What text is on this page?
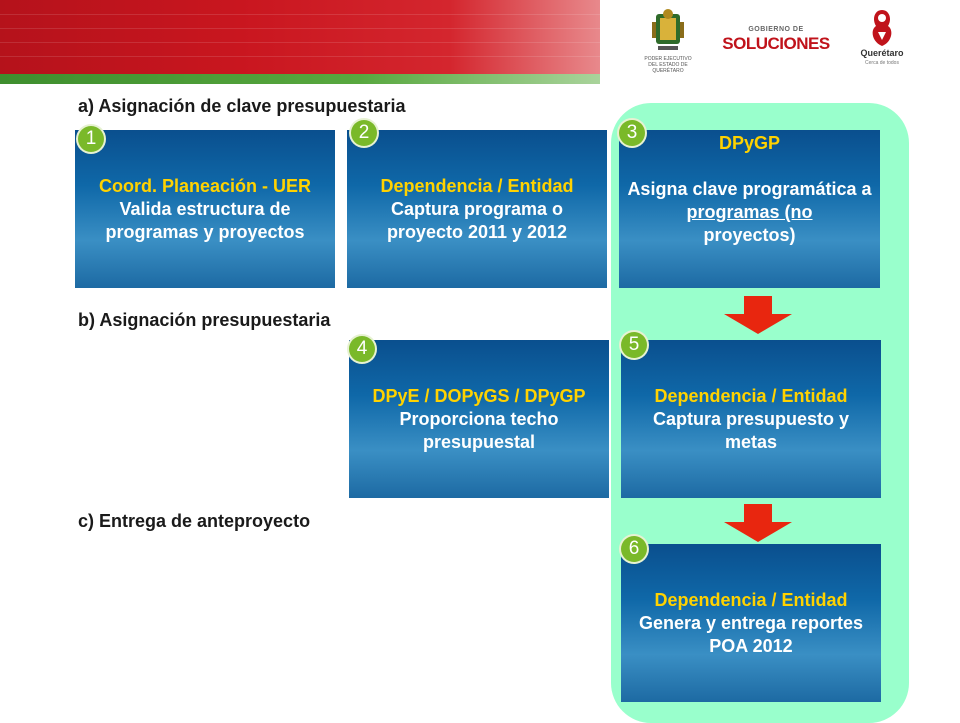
PODER EJECUTIVO DEL ESTADO DE QUERÉTARO
GOBIERNO DE
SOLUCIONES	Querétaro
Cerca de todos
a) Asignación de clave presupuestaria
b) Asignación presupuestaria
c) Entrega de anteproyecto
Coord. Planeación - UER
Valida estructura de programas y proyectos
1
Dependencia / Entidad
Captura programa o proyecto 2011 y 2012
2	DPyGP
Asigna clave programática a
programas (no
proyectos)
3
DPyE / DOPyGS / DPyGP
Proporciona techo presupuestal
4
Dependencia / Entidad
Captura presupuesto y metas
5
Dependencia / Entidad
Genera y entrega reportes POA 2012
6
